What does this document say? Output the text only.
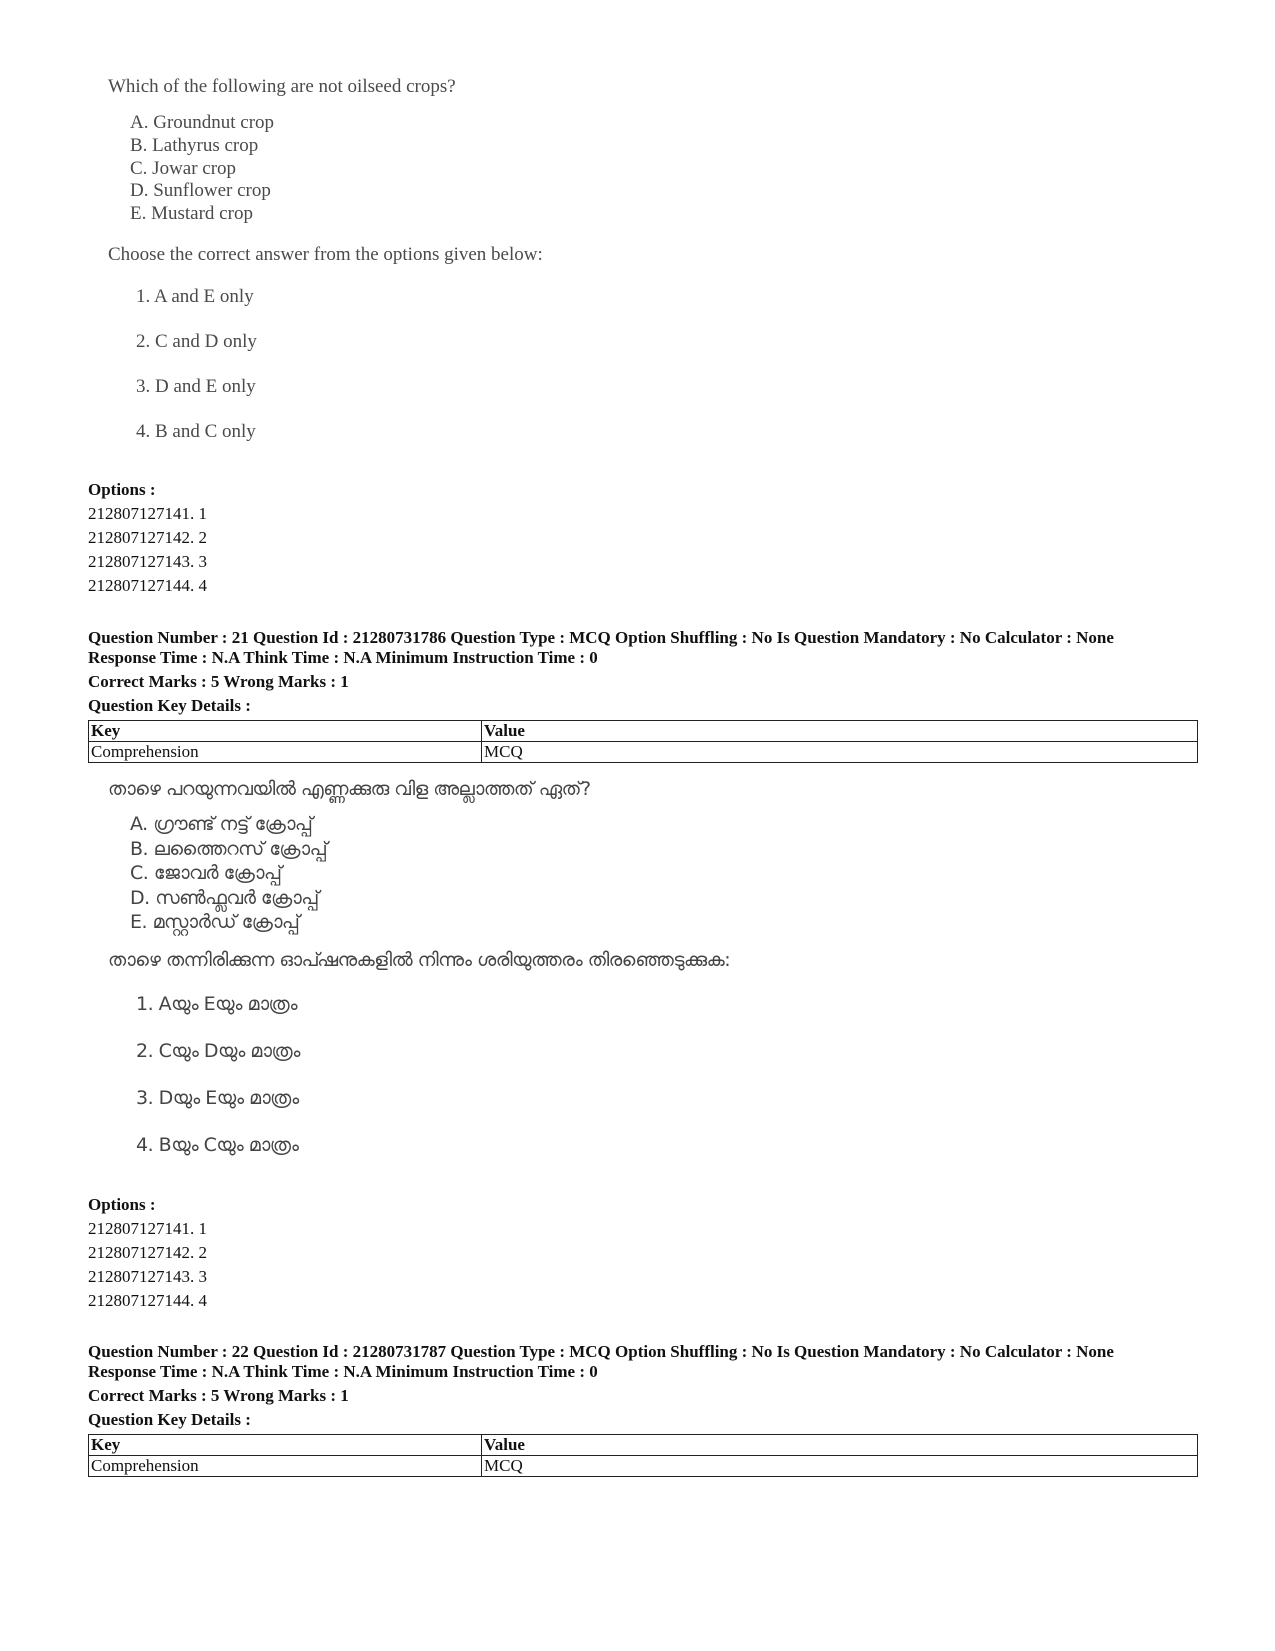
Which of the following are not oilseed crops?
A. Groundnut crop
B. Lathyrus crop
C. Jowar crop
D. Sunflower crop
E. Mustard crop
Choose the correct answer from the options given below:
1. A and E only
2. C and D only
3. D and E only
4. B and C only
Options :
212807127141. 1
212807127142. 2
212807127143. 3
212807127144. 4
Question Number : 21 Question Id : 21280731786 Question Type : MCQ Option Shuffling : No Is Question Mandatory : No Calculator : None
Response Time : N.A Think Time : N.A Minimum Instruction Time : 0
Correct Marks : 5 Wrong Marks : 1
Question Key Details :
Key	Value
Comprehension	MCQ
താഴെ പറയുന്നവയിൽ എണ്ണക്കുരു വിള അല്ലാത്തത് ഏത്?
A. ഗ്രൗണ്ട് നട്ട് ക്രോപ്പ്
B. ലത്തൈറസ് ക്രോപ്പ്
C. ജോവർ ക്രോപ്പ്
D. സൺഫ്ലവർ ക്രോപ്പ്
E. മസ്റ്റാർഡ് ക്രോപ്പ്
താഴെ തന്നിരിക്കുന്ന ഓപ്ഷനുകളിൽ നിന്നും ശരിയുത്തരം തിരഞ്ഞെടുക്കുക:
1. Aയും Eയും മാത്രം
2. Cയും Dയും മാത്രം
3. Dയും Eയും മാത്രം
4. Bയും Cയും മാത്രം
Options :
212807127141. 1
212807127142. 2
212807127143. 3
212807127144. 4
Question Number : 22 Question Id : 21280731787 Question Type : MCQ Option Shuffling : No Is Question Mandatory : No Calculator : None
Response Time : N.A Think Time : N.A Minimum Instruction Time : 0
Correct Marks : 5 Wrong Marks : 1
Question Key Details :
Key	Value
Comprehension	MCQ
